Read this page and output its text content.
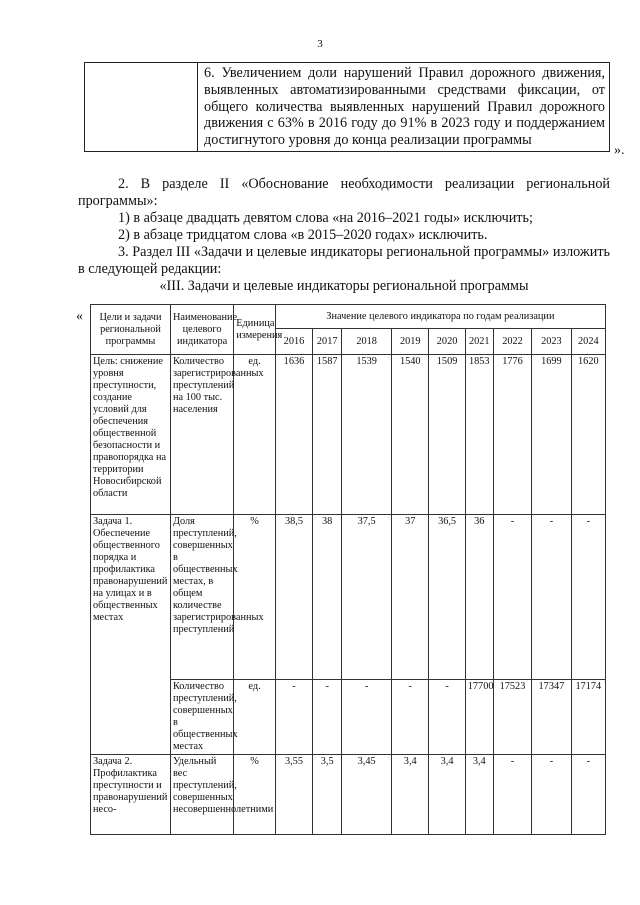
3
	6. Увеличением доли нарушений Правил дорожного движения, выявленных автоматизированными средствами фиксации, от общего количества выявленных нарушений Правил дорожного движения с 63% в 2016 году до 91% в 2023 году и поддержанием достигнутого уровня до конца реализации программы
».
2. В разделе II «Обоснование необходимости реализации региональной программы»:
1) в абзаце двадцать девятом слова «на 2016–2021 годы» исключить;
2) в абзаце тридцатом слова «в 2015–2020 годах» исключить.
3. Раздел III «Задачи и целевые индикаторы региональной программы» изложить в следующей редакции:
«III. Задачи и целевые индикаторы региональной программы
« Цели и задачи региональной программы	Наименование целевого индикатора	Единица измерения	Значение целевого индикатора по годам реализации								
			2016	2017	2018	2019	2020	2021	2022	2023	2024
Цель: снижение уровня преступности, создание условий для обеспечения общественной безопасности и правопорядка на территории Новосибирской области	Количество зарегистрированных преступлений на 100 тыс. населения	ед.	1636	1587	1539	1540	1509	1853	1776	1699	1620
Задача 1. Обеспечение общественного порядка и профилактика правонарушений на улицах и в общественных местах	Доля преступлений, совершенных в общественных местах, в общем количестве зарегистрированных преступлений	%	38,5	38	37,5	37	36,5	36	-	-	-
	Количество преступлений, совершенных в общественных местах	ед.	-	-	-	-	-	17700	17523	17347	17174
Задача 2. Профилактика преступности и правонарушений несо-	Удельный вес преступлений, совершенных несовершеннолетними	%	3,55	3,5	3,45	3,4	3,4	3,4	-	-	-
